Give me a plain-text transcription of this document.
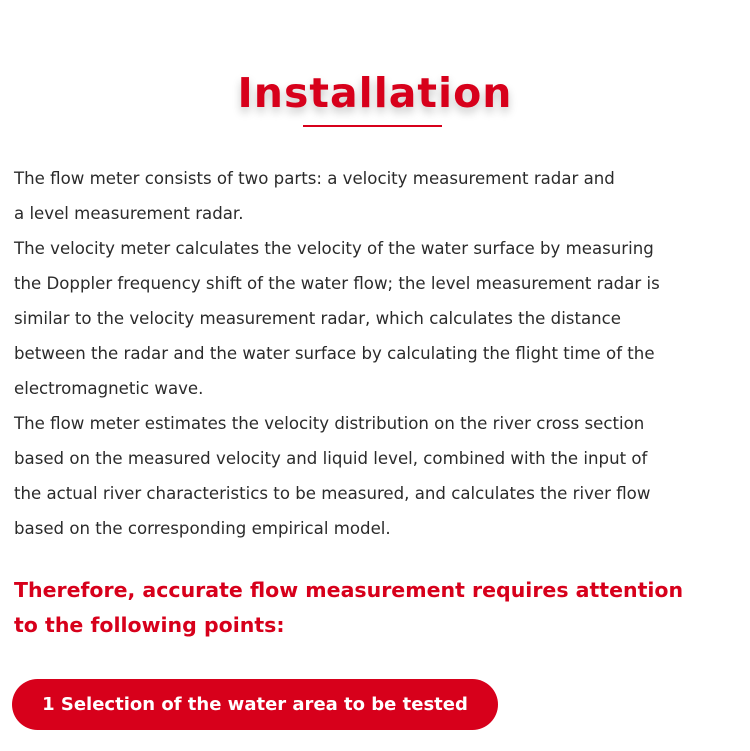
Installation

The flow meter consists of two parts: a velocity measurement radar and

a level measurement radar.

The velocity meter calculates the velocity of the water surface by measuring

the Doppler frequency shift of the water flow; the level measurement radar is

similar to the velocity measurement radar, which calculates the distance

between the radar and the water surface by calculating the flight time of the

electromagnetic wave.

The flow meter estimates the velocity distribution on the river cross section

based on the measured velocity and liquid level, combined with the input of

the actual river characteristics to be measured, and calculates the river flow

based on the corresponding empirical model.

Therefore, accurate flow measurement requires attention

to the following points:

1 Selection of the water area to be tested
